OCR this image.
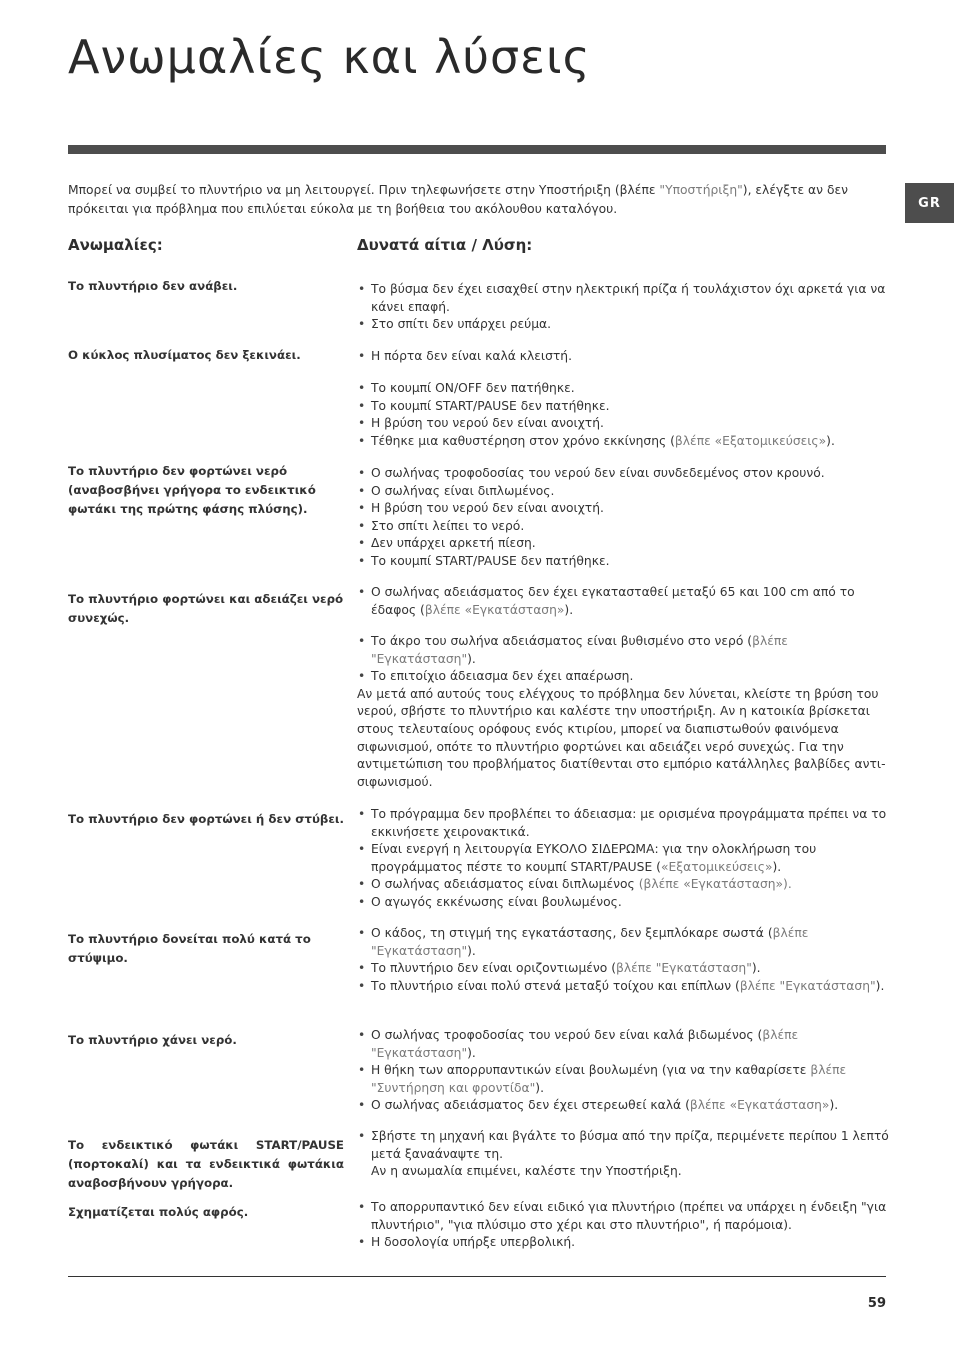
Ανωμαλίες και λύσεις
GR

Μπορεί να συμβεί το πλυντήριο να μη λειτουργεί. Πριν τηλεφωνήσετε στην Υποστήριξη (βλέπε "Υποστήριξη"), ελέγξτε αν δεν πρόκειται για πρόβλημα που επιλύεται εύκολα με τη βοήθεια του ακόλουθου καταλόγου.

Ανωμαλίες:	Δυνατά αίτια / Λύση:

Το πλυντήριο δεν ανάβει.

Ο κύκλος πλυσίματος δεν ξεκινάει.

Το πλυντήριο δεν φορτώνει νερό (αναβοσβήνει γρήγορα το ενδεικτικό φωτάκι της πρώτης φάσης πλύσης).

Το πλυντήριο φορτώνει και αδειάζει νερό συνεχώς.

Το πλυντήριο δεν φορτώνει ή δεν στύβει.

Το πλυντήριο δονείται πολύ κατά το στύψιμο.

Το πλυντήριο χάνει νερό.

Το ενδεικτικό φωτάκι START/PAUSE (πορτοκαλί) και τα ενδεικτικά φωτάκια αναβοσβήνουν γρήγορα.

Σχηματίζεται πολύς αφρός.

• Το βύσμα δεν έχει εισαχθεί στην ηλεκτρική πρίζα ή τουλάχιστον όχι αρκετά για να κάνει επαφή.
• Στο σπίτι δεν υπάρχει ρεύμα.
• Η πόρτα δεν είναι καλά κλειστή.
• Το κουμπί ON/OFF δεν πατήθηκε.
• Το κουμπί START/PAUSE δεν πατήθηκε.
• Η βρύση του νερού δεν είναι ανοιχτή.
• Τέθηκε μια καθυστέρηση στον χρόνο εκκίνησης (βλέπε «Εξατομικεύσεις»).
• Ο σωλήνας τροφοδοσίας του νερού δεν είναι συνδεδεμένος στον κρουνό.
• Ο σωλήνας είναι διπλωμένος.
• Η βρύση του νερού δεν είναι ανοιχτή.
• Στο σπίτι λείπει το νερό.
• Δεν υπάρχει αρκετή πίεση.
• Το κουμπί START/PAUSE δεν πατήθηκε.
• Ο σωλήνας αδειάσματος δεν έχει εγκατασταθεί μεταξύ 65 και 100 cm από το έδαφος (βλέπε «Εγκατάσταση»).
• Το άκρο του σωλήνα αδειάσματος είναι βυθισμένο στο νερό (βλέπε "Εγκατάσταση").
• Το επιτοίχιο άδειασμα δεν έχει απαέρωση.
Αν μετά από αυτούς τους ελέγχους το πρόβλημα δεν λύνεται, κλείστε τη βρύση του νερού, σβήστε το πλυντήριο και καλέστε την υποστήριξη. Αν η κατοικία βρίσκεται στους τελευταίους ορόφους ενός κτιρίου, μπορεί να διαπιστωθούν φαινόμενα σιφωνισμού, οπότε το πλυντήριο φορτώνει και αδειάζει νερό συνεχώς. Για την αντιμετώπιση του προβλήματος διατίθενται στο εμπόριο κατάλληλες βαλβίδες αντι-σιφωνισμού.
• Το πρόγραμμα δεν προβλέπει το άδειασμα: με ορισμένα προγράμματα πρέπει να το εκκινήσετε χειρονακτικά.
• Είναι ενεργή η λειτουργία ΕΥΚΟΛΟ ΣΙΔΕΡΩΜΑ: για την ολοκλήρωση του προγράμματος πέστε το κουμπί START/PAUSE («Εξατομικεύσεις»).
• Ο σωλήνας αδειάσματος είναι διπλωμένος (βλέπε «Εγκατάσταση»).
• Ο αγωγός εκκένωσης είναι βουλωμένος.
• Ο κάδος, τη στιγμή της εγκατάστασης, δεν ξεμπλόκαρε σωστά (βλέπε "Εγκατάσταση").
• Το πλυντήριο δεν είναι οριζοντιωμένο (βλέπε "Εγκατάσταση").
• Το πλυντήριο είναι πολύ στενά μεταξύ τοίχου και επίπλων (βλέπε "Εγκατάσταση").
• Ο σωλήνας τροφοδοσίας του νερού δεν είναι καλά βιδωμένος (βλέπε "Εγκατάσταση").
• Η θήκη των απορρυπαντικών είναι βουλωμένη (για να την καθαρίσετε βλέπε "Συντήρηση και φροντίδα").
• Ο σωλήνας αδειάσματος δεν έχει στερεωθεί καλά (βλέπε «Εγκατάσταση»).
• Σβήστε τη μηχανή και βγάλτε το βύσμα από την πρίζα, περιμένετε περίπου 1 λεπτό μετά ξαναάναψτε τη.
Αν η ανωμαλία επιμένει, καλέστε την Υποστήριξη.
• Το απορρυπαντικό δεν είναι ειδικό για πλυντήριο (πρέπει να υπάρχει η ένδειξη "για πλυντήριο", "για πλύσιμο στο χέρι και στο πλυντήριο", ή παρόμοια).
• Η δοσολογία υπήρξε υπερβολική.
59
